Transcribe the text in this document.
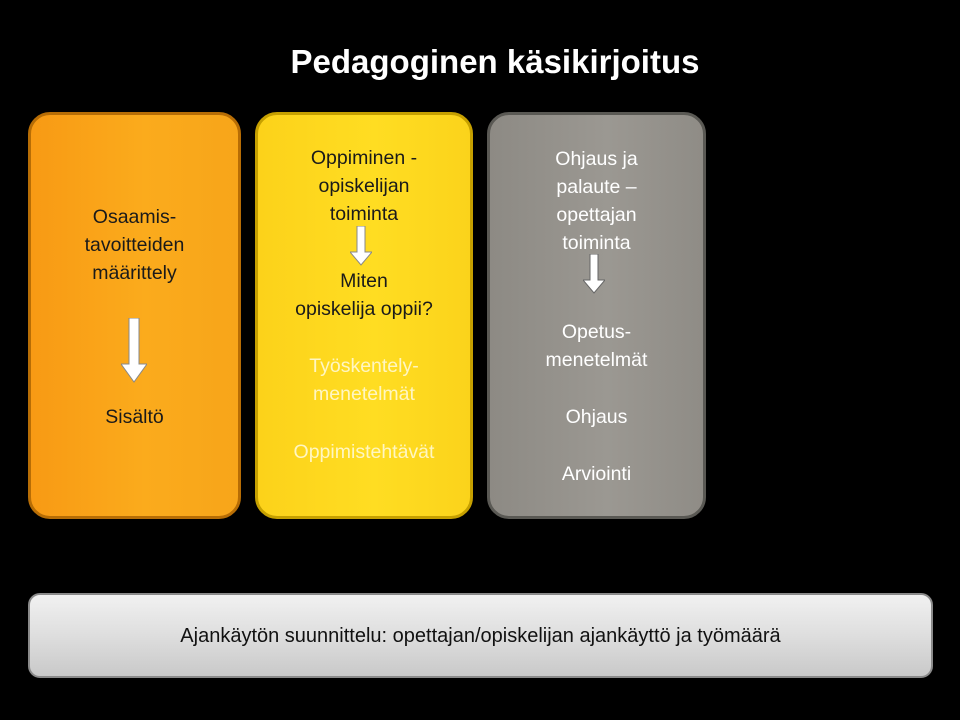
Pedagoginen käsikirjoitus
Osaamis-
tavoitteiden
määrittely
Sisältö
Oppiminen -
opiskelijan
toiminta
Miten
opiskelija oppii?
Työskentely-
menetelmät
Oppimistehtävät
Ohjaus ja
palaute –
opettajan
toiminta
Opetus-
menetelmät
Ohjaus
Arviointi
Ajankäytön suunnittelu: opettajan/opiskelijan ajankäyttö ja työmäärä
